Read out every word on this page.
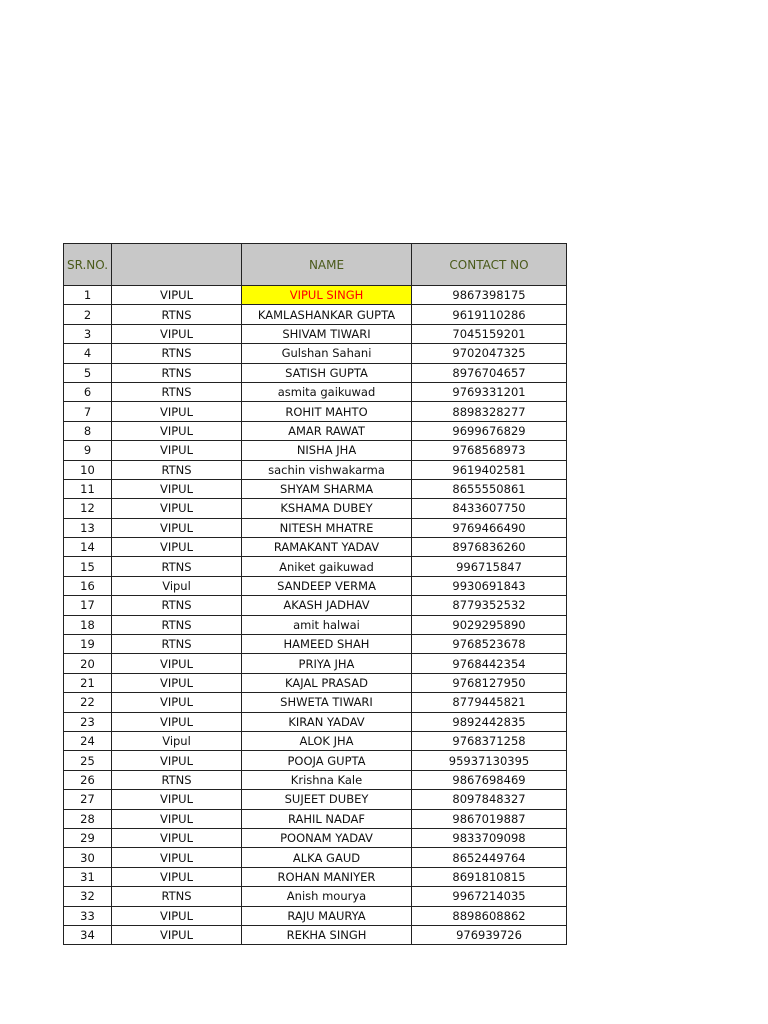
SR.NO.		NAME	CONTACT NO
1	VIPUL	VIPUL SINGH	9867398175
2	RTNS	KAMLASHANKAR GUPTA	9619110286
3	VIPUL	SHIVAM TIWARI	7045159201
4	RTNS	Gulshan Sahani	9702047325
5	RTNS	SATISH GUPTA	8976704657
6	RTNS	asmita gaikuwad	9769331201
7	VIPUL	ROHIT MAHTO	8898328277
8	VIPUL	AMAR RAWAT	9699676829
9	VIPUL	NISHA JHA	9768568973
10	RTNS	sachin vishwakarma	9619402581
11	VIPUL	SHYAM SHARMA	8655550861
12	VIPUL	KSHAMA DUBEY	8433607750
13	VIPUL	NITESH MHATRE	9769466490
14	VIPUL	RAMAKANT YADAV	8976836260
15	RTNS	Aniket gaikuwad	996715847
16	Vipul	SANDEEP VERMA	9930691843
17	RTNS	AKASH JADHAV	8779352532
18	RTNS	amit halwai	9029295890
19	RTNS	HAMEED SHAH	9768523678
20	VIPUL	PRIYA JHA	9768442354
21	VIPUL	KAJAL PRASAD	9768127950
22	VIPUL	SHWETA TIWARI	8779445821
23	VIPUL	KIRAN YADAV	9892442835
24	Vipul	ALOK JHA	9768371258
25	VIPUL	POOJA GUPTA	95937130395
26	RTNS	Krishna Kale	9867698469
27	VIPUL	SUJEET DUBEY	8097848327
28	VIPUL	RAHIL NADAF	9867019887
29	VIPUL	POONAM YADAV	9833709098
30	VIPUL	ALKA GAUD	8652449764
31	VIPUL	ROHAN MANIYER	8691810815
32	RTNS	Anish mourya	9967214035
33	VIPUL	RAJU MAURYA	8898608862
34	VIPUL	REKHA SINGH	976939726
